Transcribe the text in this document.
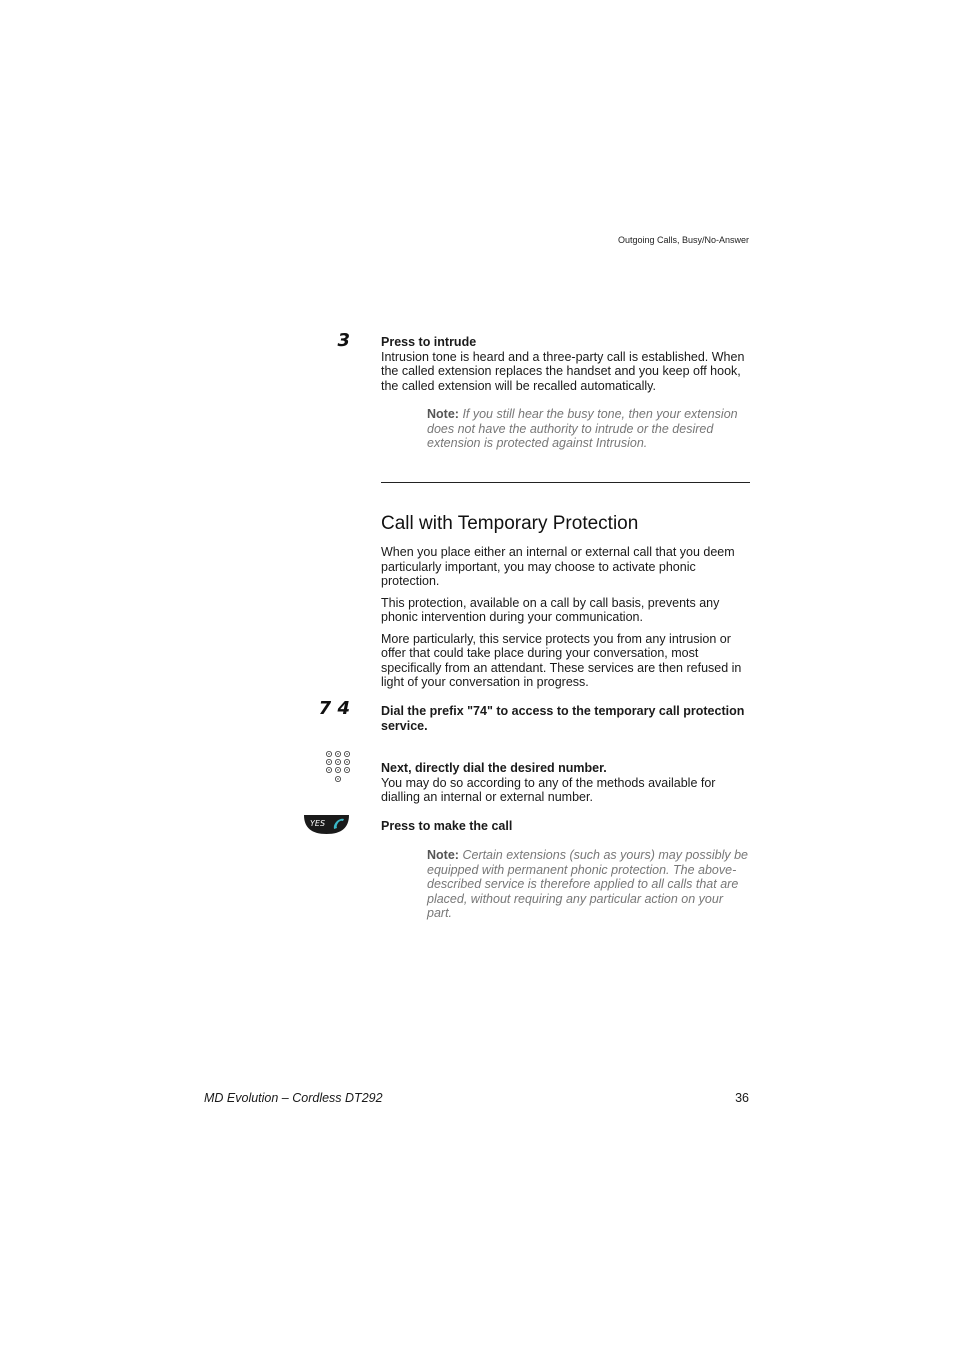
Outgoing Calls, Busy/No-Answer
3 Press to intrude

Intrusion tone is heard and a three-party call is established. When the called extension replaces the handset and you keep off hook, the called extension will be recalled automatically.

Note: If you still hear the busy tone, then your extension does not have the authority to intrude or the desired extension is protected against Intrusion.
Call with Temporary Protection

When you place either an internal or external call that you deem particularly important, you may choose to activate phonic protection.

This protection, available on a call by call basis, prevents any phonic intervention during your communication.

More particularly, this service protects you from any intrusion or offer that could take place during your conversation, most specifically from an attendant. These services are then refused in light of your conversation in progress.

7 4 Dial the prefix "74" to access to the temporary call protection service.

Next, directly dial the desired number.

You may do so according to any of the methods available for dialling an internal or external number.

YES	Press to make the call
Note: Certain extensions (such as yours) may possibly be equipped with permanent phonic protection. The above-described service is therefore applied to all calls that are placed, without requiring any particular action on your part.
MD Evolution – Cordless DT292	36
